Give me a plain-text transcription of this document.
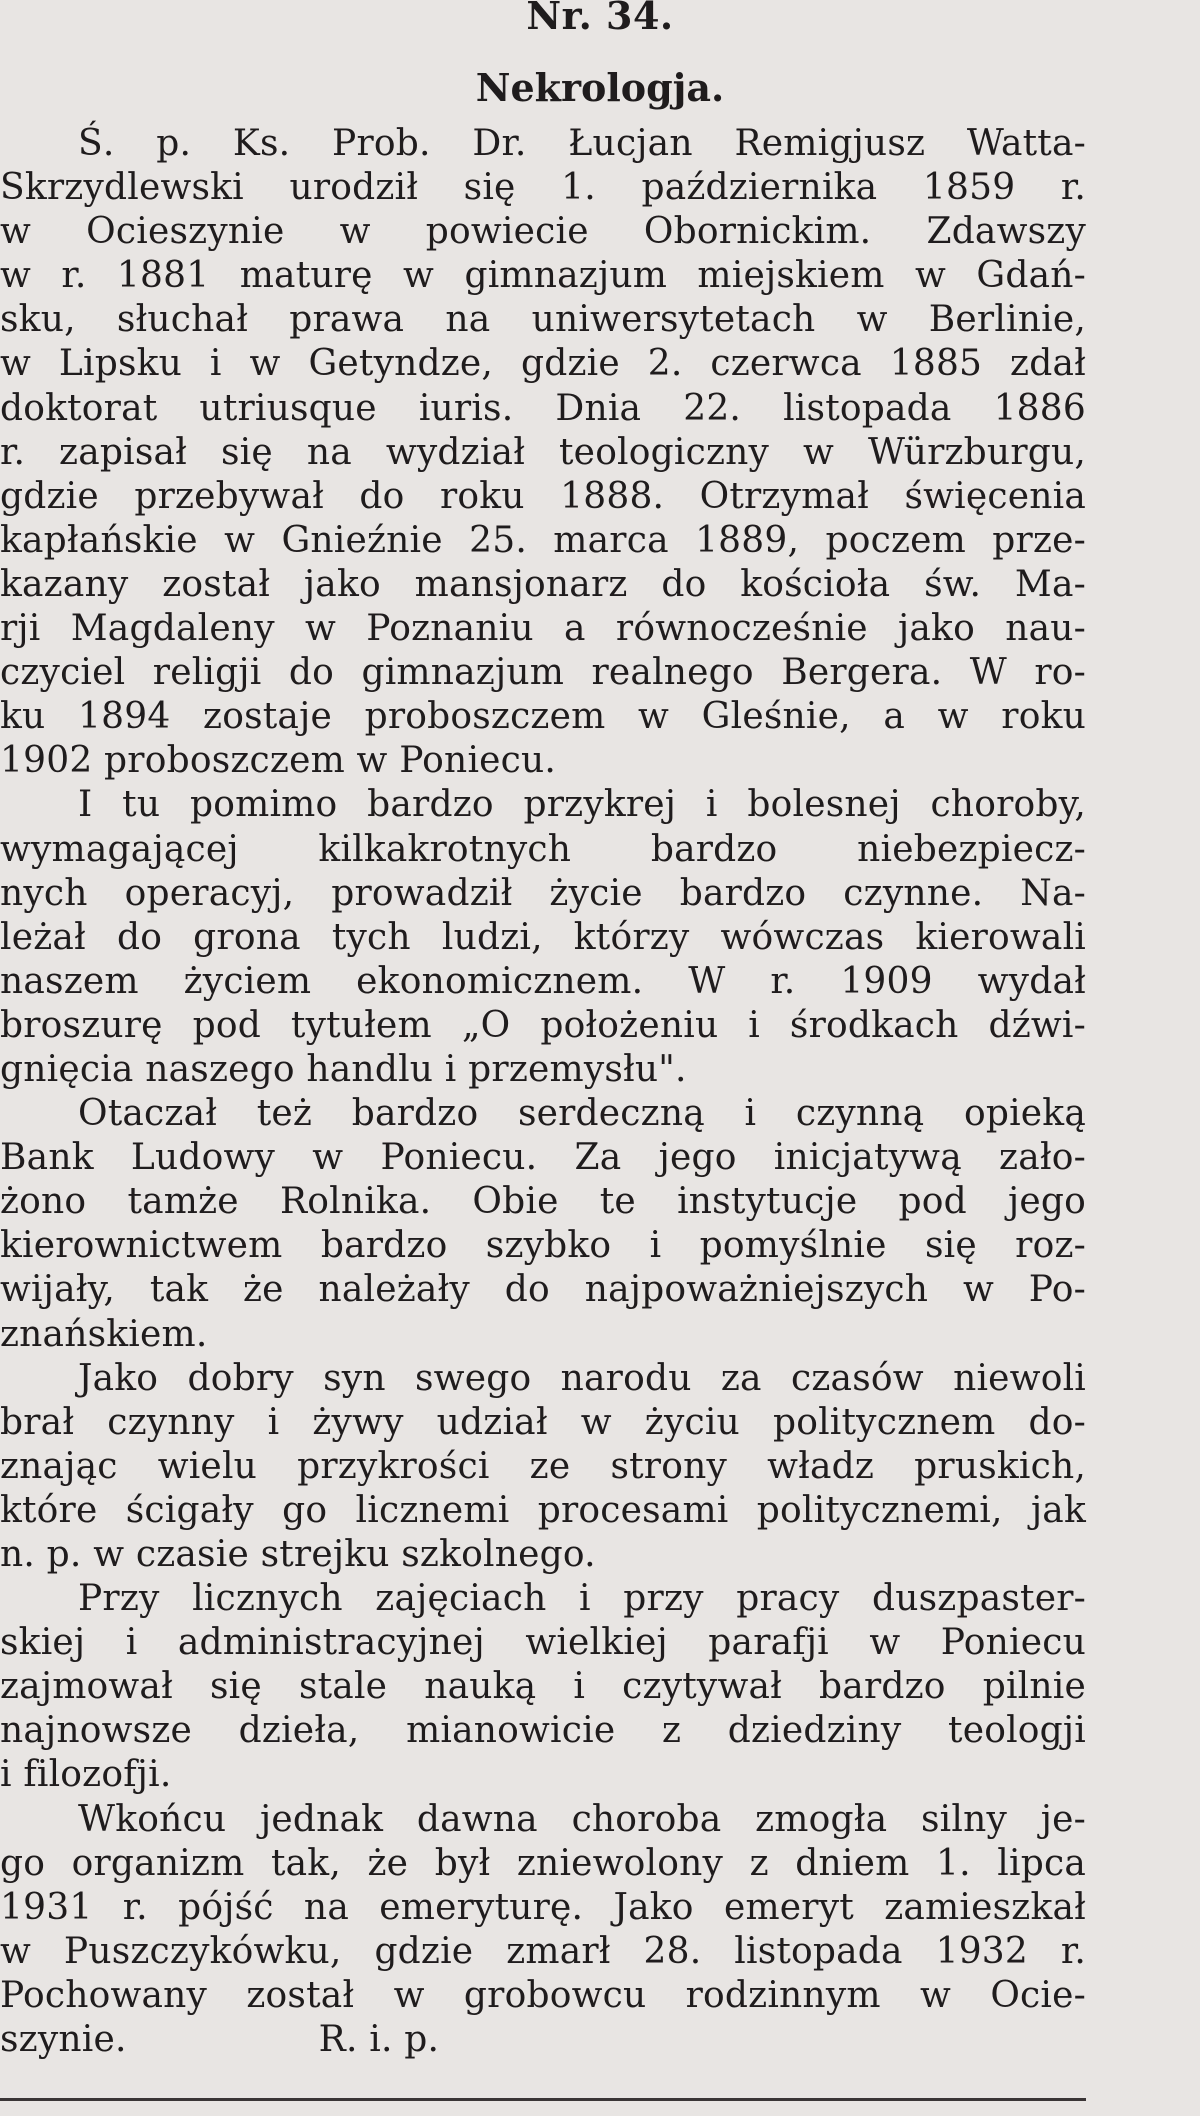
Nr. 34.
Nekrologja.
Ś. p. Ks. Prob. Dr. Łucjan Remigjusz Watta-
Skrzydlewski urodził się 1. października 1859 r.
w Ocieszynie w powiecie Obornickim. Zdawszy
w r. 1881 maturę w gimnazjum miejskiem w Gdań-
sku, słuchał prawa na uniwersytetach w Berlinie,
w Lipsku i w Getyndze, gdzie 2. czerwca 1885 zdał
doktorat utriusque iuris. Dnia 22. listopada 1886
r. zapisał się na wydział teologiczny w Würzburgu,
gdzie przebywał do roku 1888. Otrzymał święcenia
kapłańskie w Gnieźnie 25. marca 1889, poczem prze-
kazany został jako mansjonarz do kościoła św. Ma-
rji Magdaleny w Poznaniu a równocześnie jako nau-
czyciel religji do gimnazjum realnego Bergera. W ro-
ku 1894 zostaje proboszczem w Gleśnie, a w roku
1902 proboszczem w Poniecu.
I tu pomimo bardzo przykrej i bolesnej choroby,
wymagającej kilkakrotnych bardzo niebezpiecz-
nych operacyj, prowadził życie bardzo czynne. Na-
leżał do grona tych ludzi, którzy wówczas kierowali
naszem życiem ekonomicznem. W r. 1909 wydał
broszurę pod tytułem „O położeniu i środkach dźwi-
gnięcia naszego handlu i przemysłu".
Otaczał też bardzo serdeczną i czynną opieką
Bank Ludowy w Poniecu. Za jego inicjatywą zało-
żono tamże Rolnika. Obie te instytucje pod jego
kierownictwem bardzo szybko i pomyślnie się roz-
wijały, tak że należały do najpoważniejszych w Po-
znańskiem.
Jako dobry syn swego narodu za czasów niewoli
brał czynny i żywy udział w życiu politycznem do-
znając wielu przykrości ze strony władz pruskich,
które ścigały go licznemi procesami politycznemi, jak
n. p. w czasie strejku szkolnego.
Przy licznych zajęciach i przy pracy duszpaster-
skiej i administracyjnej wielkiej parafji w Poniecu
zajmował się stale nauką i czytywał bardzo pilnie
najnowsze dzieła, mianowicie z dziedziny teologji
i filozofji.
Wkońcu jednak dawna choroba zmogła silny je-
go organizm tak, że był zniewolony z dniem 1. lipca
1931 r. pójść na emeryturę. Jako emeryt zamieszkał
w Puszczykówku, gdzie zmarł 28. listopada 1932 r.
Pochowany został w grobowcu rodzinnym w Ocie-
szynie.	R. i. p.
